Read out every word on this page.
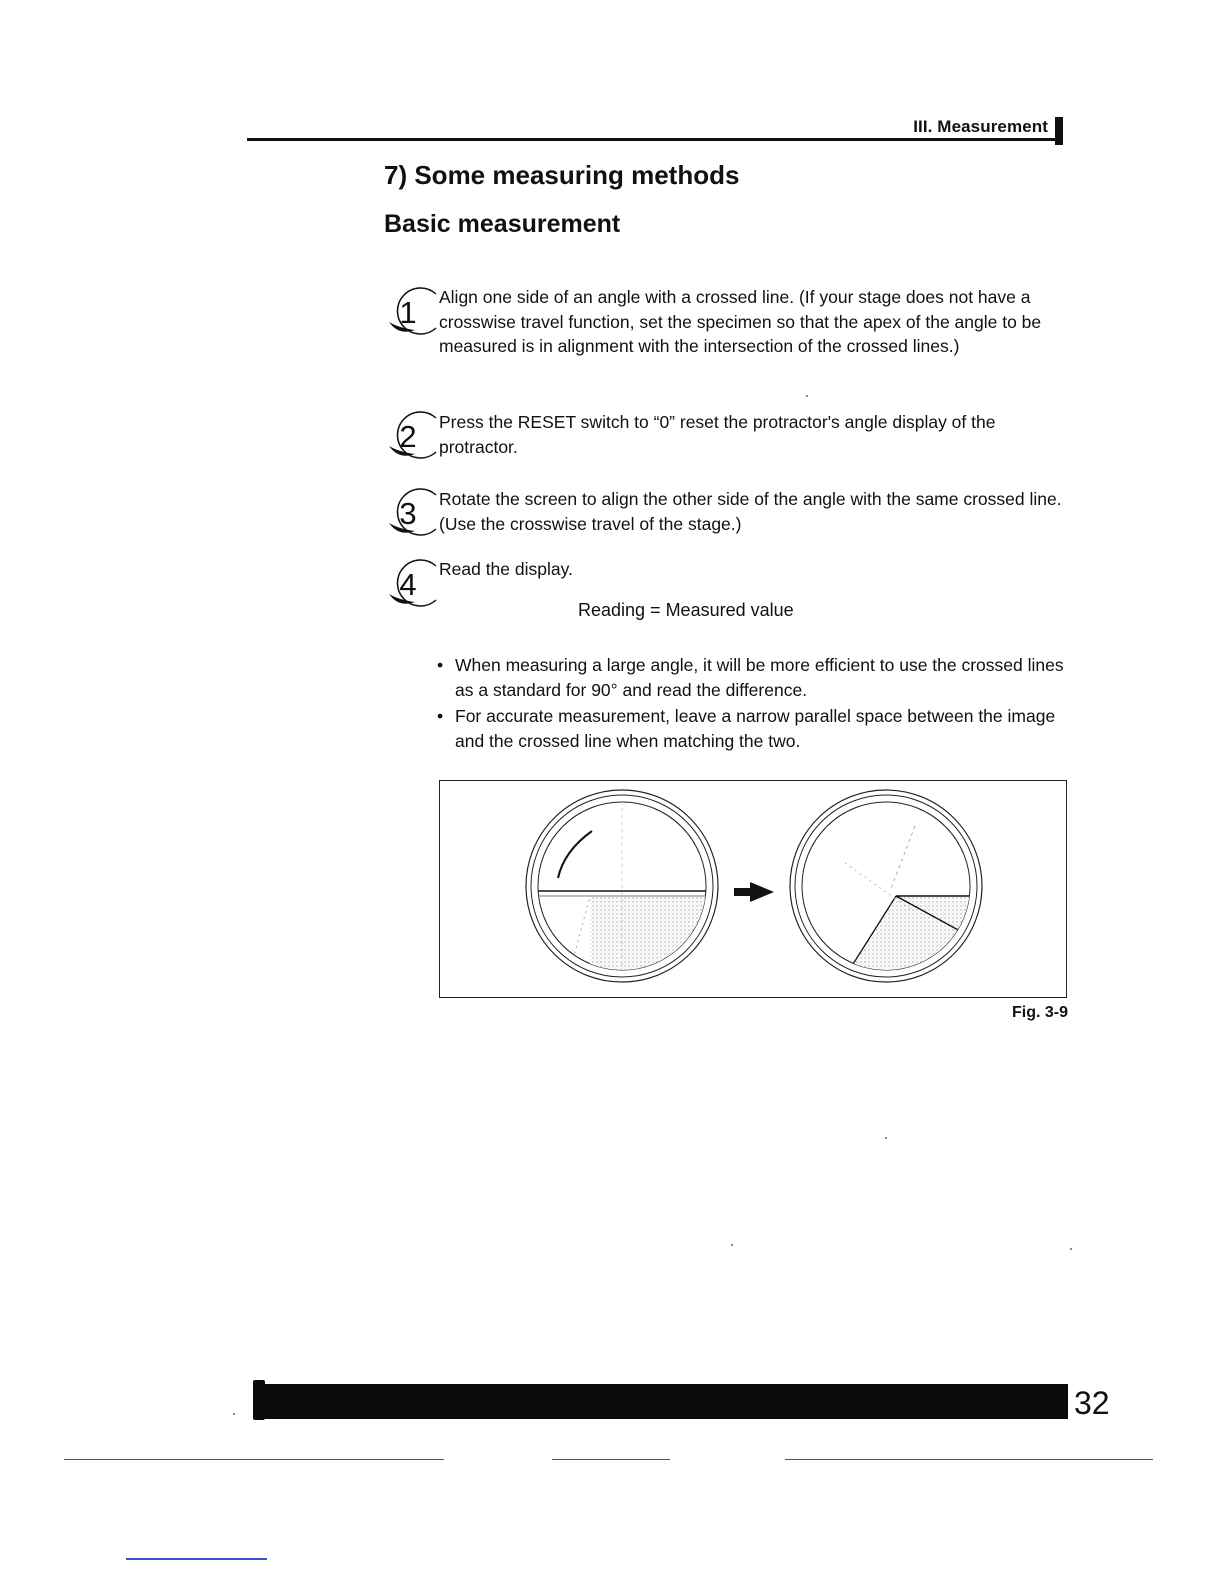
III. Measurement
7) Some measuring methods
Basic measurement
1 Align one side of an angle with a crossed line. (If your stage does not have a crosswise travel function, set the specimen so that the apex of the angle to be measured is in alignment with the intersection of the crossed lines.)
2 Press the RESET switch to “0” reset the protractor's angle display of the protractor.
3 Rotate the screen to align the other side of the angle with the same crossed line. (Use the crosswise travel of the stage.)
4 Read the display.
Reading = Measured value
• When measuring a large angle, it will be more efficient to use the crossed lines as a standard for 90° and read the difference.
• For accurate measurement, leave a narrow parallel space between the image and the crossed line when matching the two.
Fig. 3-9
32
